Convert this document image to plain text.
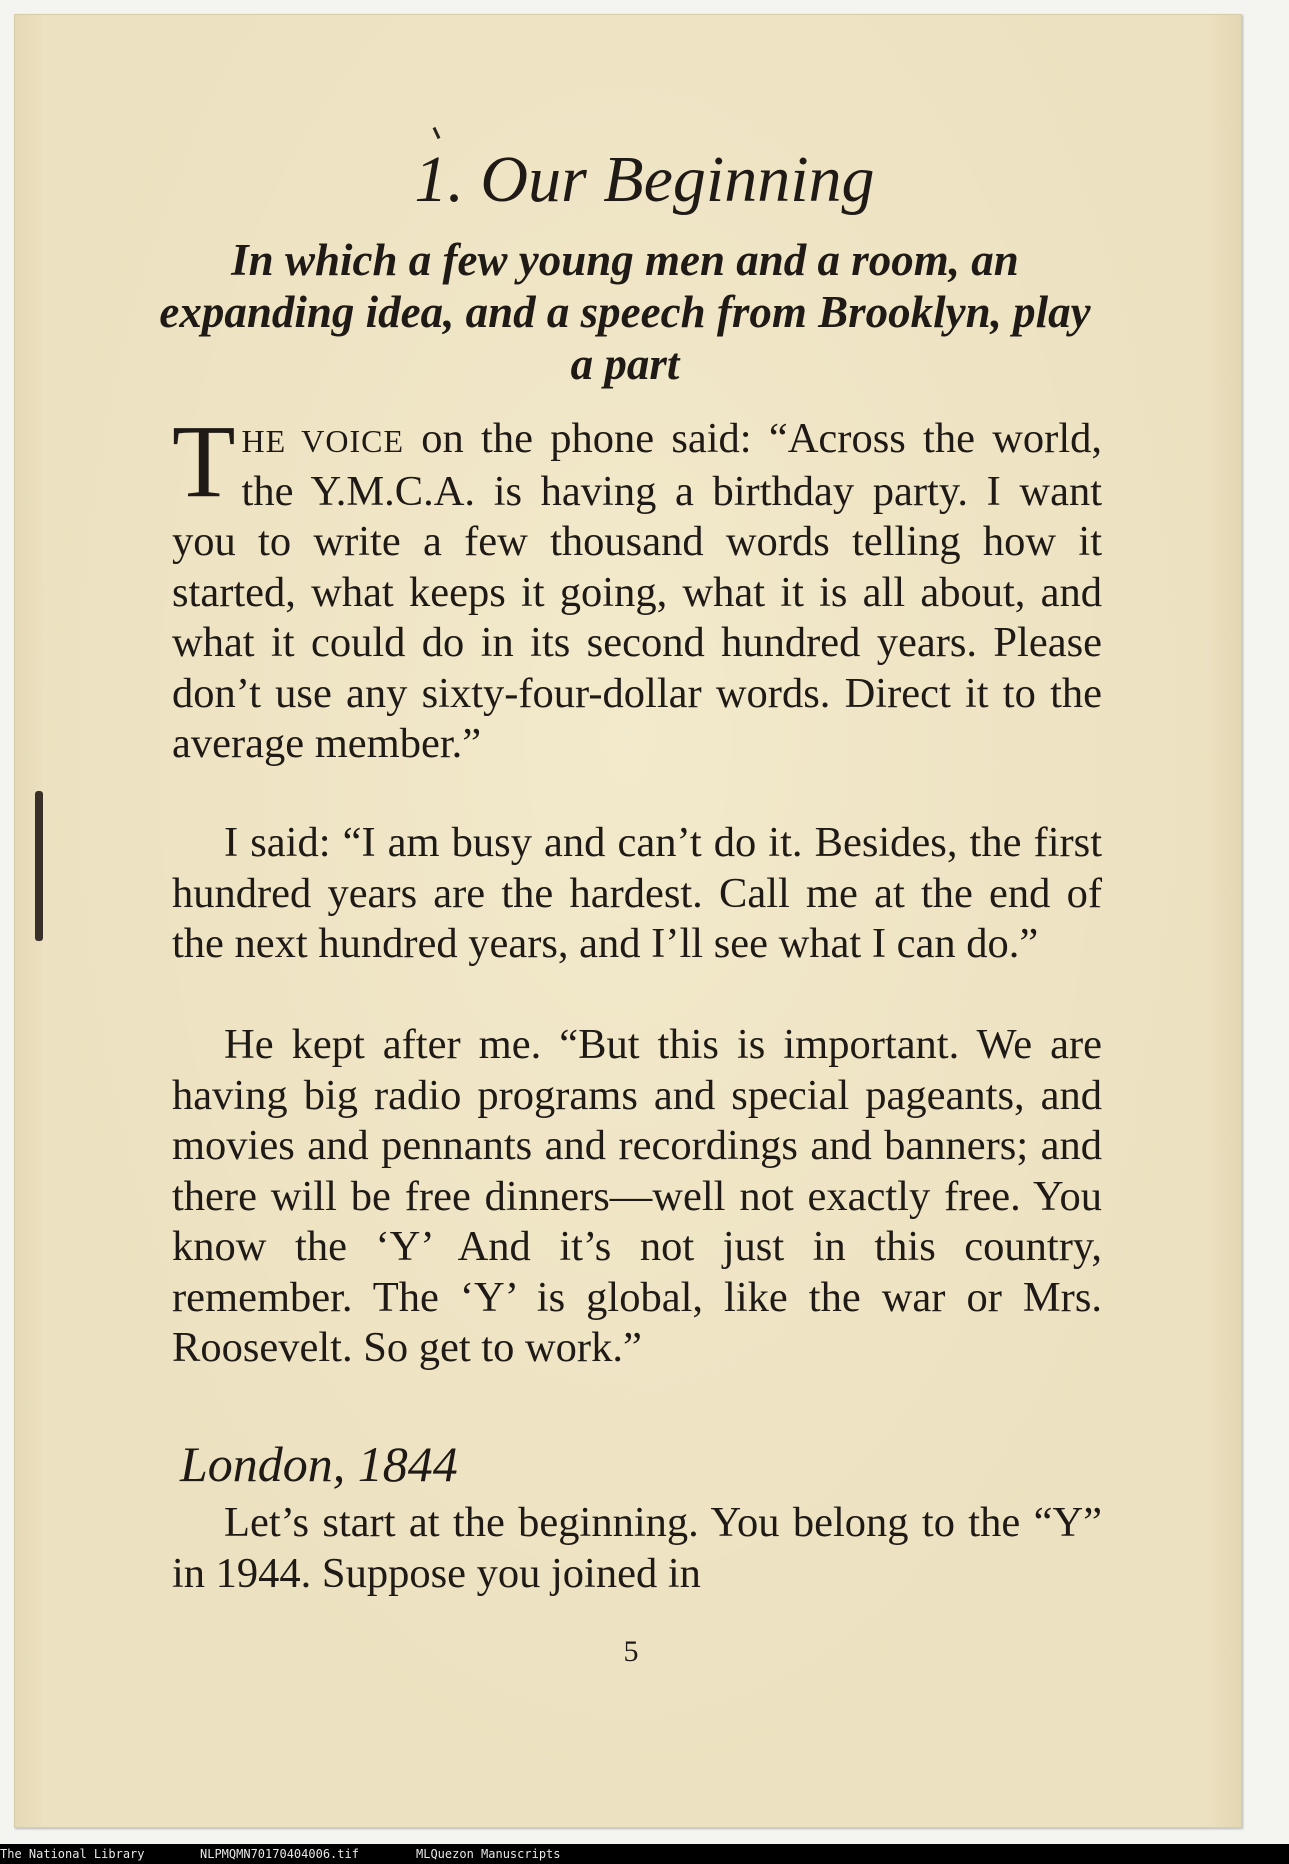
1. Our Beginning
In which a few young men and a room, an expanding idea, and a speech from Brooklyn, play a part

THE VOICE on the phone said: “Across the world, the Y.M.C.A. is having a birthday party. I want you to write a few thousand words telling how it started, what keeps it going, what it is all about, and what it could do in its second hundred years. Please don’t use any sixty-four-dollar words. Direct it to the average member.”

I said: “I am busy and can’t do it. Besides, the first hundred years are the hardest. Call me at the end of the next hundred years, and I’ll see what I can do.”

He kept after me. “But this is important. We are having big radio programs and special pageants, and movies and pennants and recordings and banners; and there will be free dinners—well not exactly free. You know the ‘Y’ And it’s not just in this country, remember. The ‘Y’ is global, like the war or Mrs. Roosevelt. So get to work.”

London, 1844

Let’s start at the beginning. You belong to the “Y” in 1944. Suppose you joined in

5

The National Library

	NLPMQMN70170404006.tif

	MLQuezon Manuscripts
